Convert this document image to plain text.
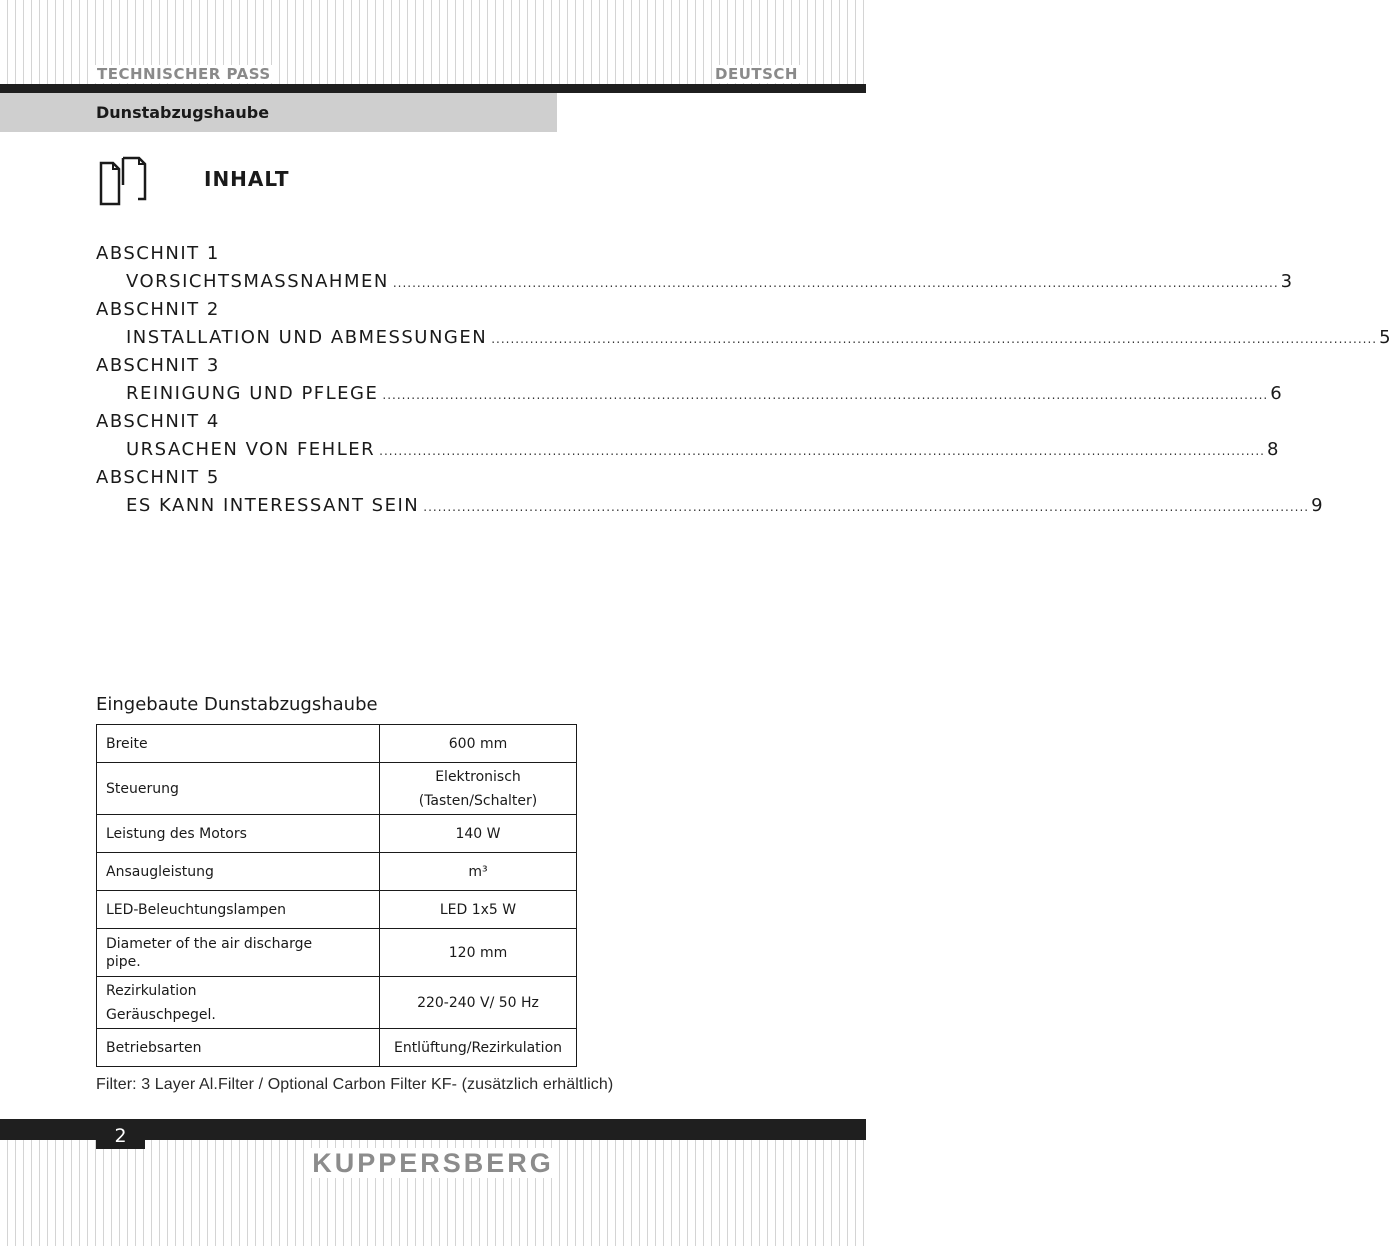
TECHNISCHER PASS	DEUTSCH
Dunstabzugshaube
INHALT
ABSCHNIT 1
VORSICHTSMASSNAHMEN ........................................................................................................................................................................................ 3
ABSCHNIT 2
INSTALLATION UND ABMESSUNGEN ........................................................................................................................................................................................ 5
ABSCHNIT 3
REINIGUNG UND PFLEGE ........................................................................................................................................................................................ 6
ABSCHNIT 4
URSACHEN VON FEHLER ........................................................................................................................................................................................ 8
ABSCHNIT 5
ES KANN INTERESSANT SEIN ........................................................................................................................................................................................ 9
Eingebaute Dunstabzugshaube
Breite	600 mm
Steuerung	Elektronisch
(Tasten/Schalter)

Leistung des Motors	140 W
Ansaugleistung	m³
LED-Beleuchtungslampen	LED 1x5 W

Diameter of the air discharge
pipe.	120 mm

Rezirkulation
Geräuschpegel.	220-240 V/ 50 Hz
Betriebsarten	Entlüftung/Rezirkulation
Filter: 3 Layer Al.Filter / Optional Carbon Filter KF- (zusätzlich erhältlich)
2
KUPPERSBERG
